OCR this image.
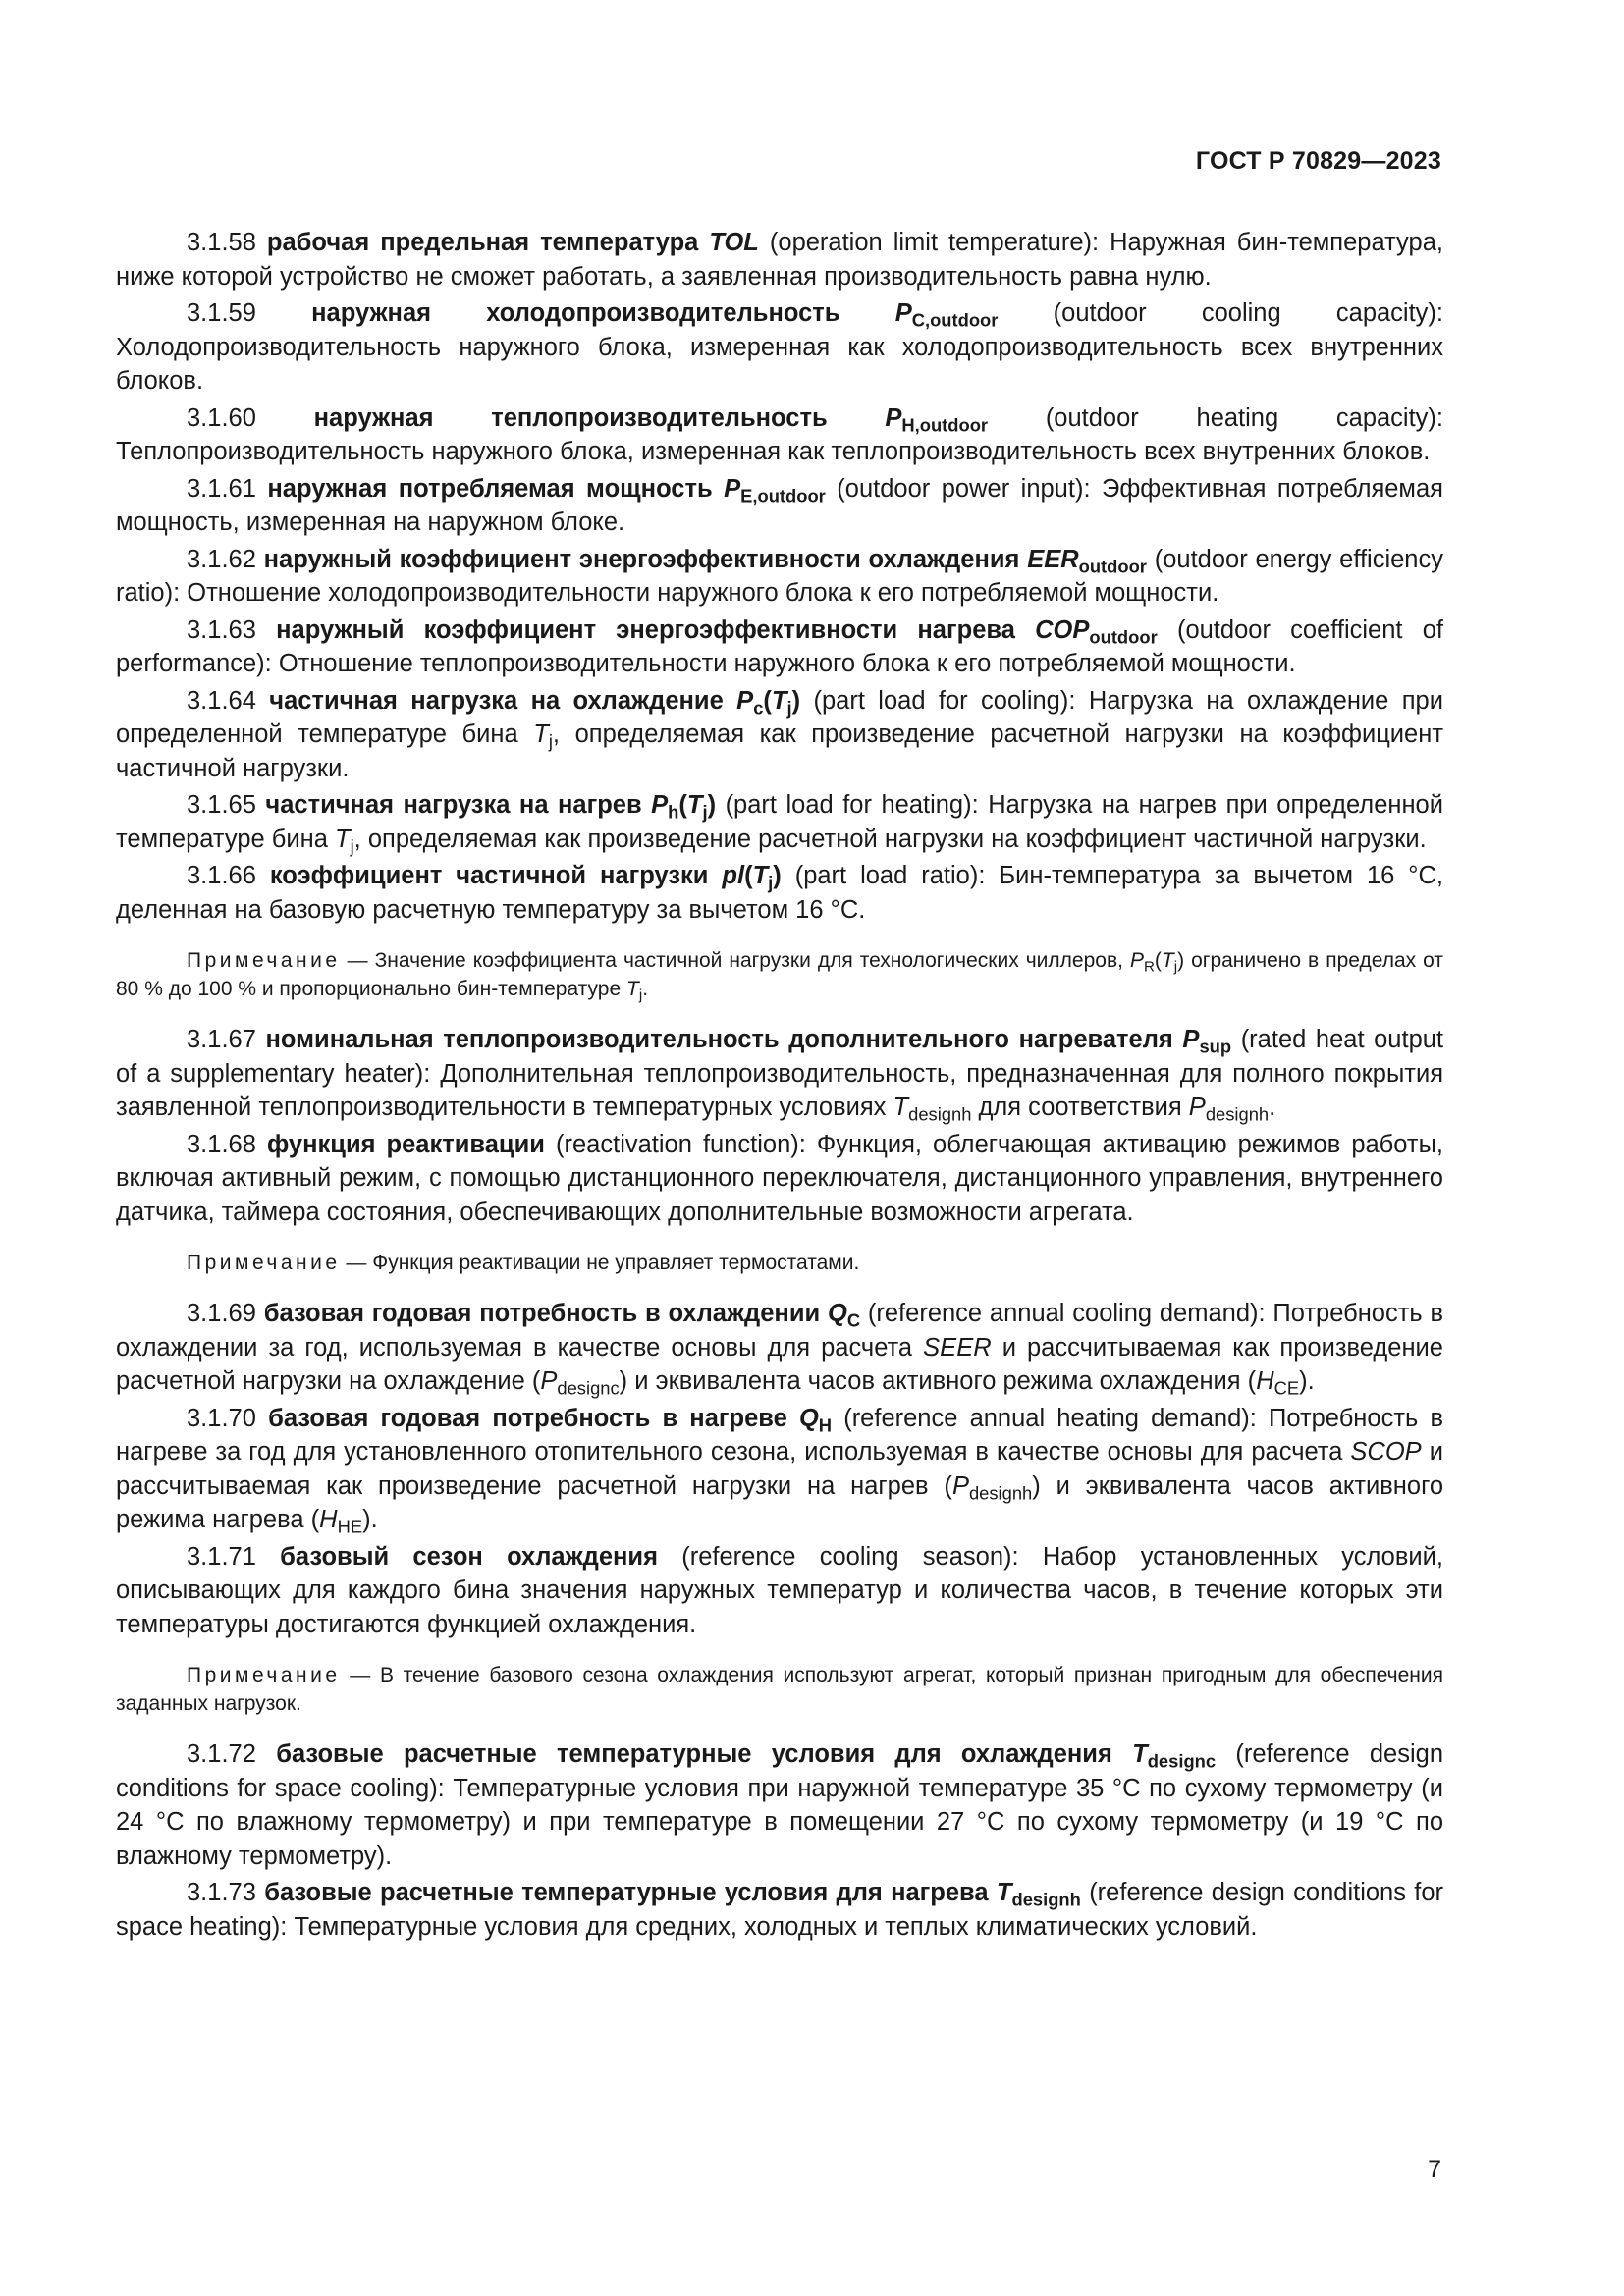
ГОСТ Р 70829—2023

3.1.58 рабочая предельная температура TOL (operation limit temperature): Наружная бин-температура, ниже которой устройство не сможет работать, а заявленная производительность равна нулю.

3.1.59 наружная холодопроизводительность $P_{C,outdoor}$ (outdoor cooling capacity): Холодопроизводительность наружного блока, измеренная как холодопроизводительность всех внутренних блоков.

3.1.60 наружная теплопроизводительность $P_{H,outdoor}$ (outdoor heating capacity): Теплопроизводительность наружного блока, измеренная как теплопроизводительность всех внутренних блоков.

3.1.61 наружная потребляемая мощность $P_{E,outdoor}$ (outdoor power input): Эффективная потребляемая мощность, измеренная на наружном блоке.

3.1.62 наружный коэффициент энергоэффективности охлаждения $EER_{outdoor}$ (outdoor energy efficiency ratio): Отношение холодопроизводительности наружного блока к его потребляемой мощности.

3.1.63 наружный коэффициент энергоэффективности нагрева $COP_{outdoor}$ (outdoor coefficient of performance): Отношение теплопроизводительности наружного блока к его потребляемой мощности.

3.1.64 частичная нагрузка на охлаждение $P_c(T_j)$ (part load for cooling): Нагрузка на охлаждение при определенной температуре бина $T_j$, определяемая как произведение расчетной нагрузки на коэффициент частичной нагрузки.

3.1.65 частичная нагрузка на нагрев $P_h(T_j)$ (part load for heating): Нагрузка на нагрев при определенной температуре бина $T_j$, определяемая как произведение расчетной нагрузки на коэффициент частичной нагрузки.

3.1.66 коэффициент частичной нагрузки $pl(T_j)$ (part load ratio): Бин-температура за вычетом 16 °С, деленная на базовую расчетную температуру за вычетом 16 °С.

Примечание — Значение коэффициента частичной нагрузки для технологических чиллеров, $P_R(T_j)$ ограничено в пределах от 80 % до 100 % и пропорционально бин-температуре $T_j$.

3.1.67 номинальная теплопроизводительность дополнительного нагревателя $P_{sup}$ (rated heat output of a supplementary heater): Дополнительная теплопроизводительность, предназначенная для полного покрытия заявленной теплопроизводительности в температурных условиях $T_{designh}$ для соответствия $P_{designh}$.

3.1.68 функция реактивации (reactivation function): Функция, облегчающая активацию режимов работы, включая активный режим, с помощью дистанционного переключателя, дистанционного управления, внутреннего датчика, таймера состояния, обеспечивающих дополнительные возможности агрегата.

Примечание — Функция реактивации не управляет термостатами.

3.1.69 базовая годовая потребность в охлаждении $Q_C$ (reference annual cooling demand): Потребность в охлаждении за год, используемая в качестве основы для расчета SEER и рассчитываемая как произведение расчетной нагрузки на охлаждение $(P_{designc})$ и эквивалента часов активного режима охлаждения $(H_{CE})$.

3.1.70 базовая годовая потребность в нагреве $Q_H$ (reference annual heating demand): Потребность в нагреве за год для установленного отопительного сезона, используемая в качестве основы для расчета SCOP и рассчитываемая как произведение расчетной нагрузки на нагрев $(P_{designh})$ и эквивалента часов активного режима нагрева $(H_{HE})$.

3.1.71 базовый сезон охлаждения (reference cooling season): Набор установленных условий, описывающих для каждого бина значения наружных температур и количества часов, в течение которых эти температуры достигаются функцией охлаждения.

Примечание — В течение базового сезона охлаждения используют агрегат, который признан пригодным для обеспечения заданных нагрузок.

3.1.72 базовые расчетные температурные условия для охлаждения $T_{designc}$ (reference design conditions for space cooling): Температурные условия при наружной температуре 35 °С по сухому термометру (и 24 °С по влажному термометру) и при температуре в помещении 27 °С по сухому термометру (и 19 °С по влажному термометру).

3.1.73 базовые расчетные температурные условия для нагрева $T_{designh}$ (reference design conditions for space heating): Температурные условия для средних, холодных и теплых климатических условий.

7
